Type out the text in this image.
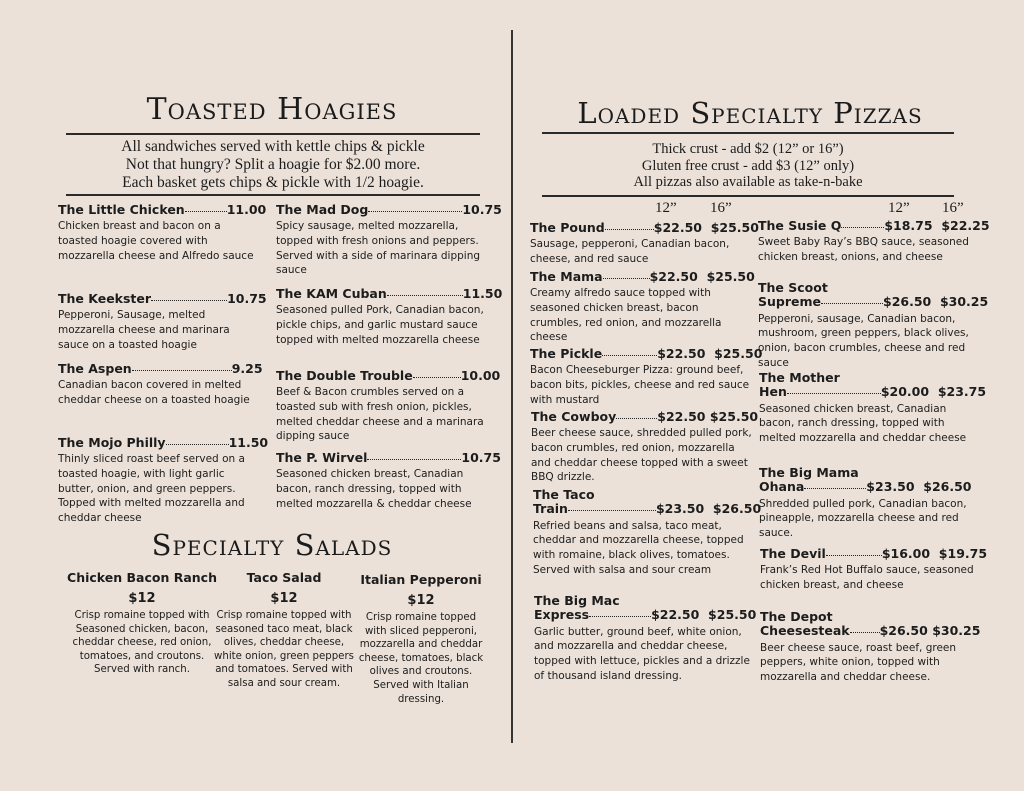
Toasted Hoagies
All sandwiches served with kettle chips & pickle
Not that hungry? Split a hoagie for $2.00 more.
Each basket gets chips & pickle with 1/2 hoagie.
The Little Chicken	11.00
Chicken breast and bacon on a toasted hoagie covered with mozzarella cheese and Alfredo sauce
The Keekster	10.75
Pepperoni, Sausage, melted mozzarella cheese and marinara sauce on a toasted hoagie
The Aspen	9.25
Canadian bacon covered in melted cheddar cheese on a toasted hoagie
The Mojo Philly	11.50
Thinly sliced roast beef served on a toasted hoagie, with light garlic butter, onion, and green peppers. Topped with melted mozzarella and cheddar cheese
The Mad Dog	10.75
Spicy sausage, melted mozzarella, topped with fresh onions and peppers. Served with a side of marinara dipping sauce
The KAM Cuban	11.50
Seasoned pulled Pork, Canadian bacon, pickle chips, and garlic mustard sauce topped with melted mozzarella cheese
The Double Trouble	10.00
Beef & Bacon crumbles served on a toasted sub with fresh onion, pickles, melted cheddar cheese and a marinara dipping sauce
The P. Wirvel	10.75
Seasoned chicken breast, Canadian bacon, ranch dressing, topped with melted mozzarella & cheddar cheese
Specialty Salads
Chicken Bacon Ranch
$12
Crisp romaine topped with Seasoned chicken, bacon, cheddar cheese, red onion, tomatoes, and croutons. Served with ranch.
Taco Salad
$12
Crisp romaine topped with seasoned taco meat, black olives, cheddar cheese, white onion, green peppers and tomatoes. Served with salsa and sour cream.
Italian Pepperoni
$12
Crisp romaine topped with sliced pepperoni, mozzarella and cheddar cheese, tomatoes, black olives and croutons. Served with Italian dressing.
Loaded Specialty Pizzas
Thick crust - add $2 (12” or 16”)
Gluten free crust - add $3 (12” only)
All pizzas also available as take-n-bake
12” 16”	12” 16”
The Pound	$22.50 $25.50
Sausage, pepperoni, Canadian bacon, cheese, and red sauce
The Mama	$22.50 $25.50
Creamy alfredo sauce topped with seasoned chicken breast, bacon crumbles, red onion, and mozzarella cheese
The Pickle	$22.50 $25.50
Bacon Cheeseburger Pizza: ground beef, bacon bits, pickles, cheese and red sauce with mustard
The Cowboy	$22.50 $25.50
Beer cheese sauce, shredded pulled pork, bacon crumbles, red onion, mozzarella and cheddar cheese topped with a sweet BBQ drizzle.
The Taco
Train	$23.50 $26.50
Refried beans and salsa, taco meat, cheddar and mozzarella cheese, topped with romaine, black olives, tomatoes. Served with salsa and sour cream
The Big Mac
Express	$22.50 $25.50
Garlic butter, ground beef, white onion, and mozzarella and cheddar cheese, topped with lettuce, pickles and a drizzle of thousand island dressing.
The Susie Q	$18.75 $22.25
Sweet Baby Ray’s BBQ sauce, seasoned chicken breast, onions, and cheese
The Scoot
Supreme	$26.50 $30.25
Pepperoni, sausage, Canadian bacon, mushroom, green peppers, black olives, onion, bacon crumbles, cheese and red sauce
The Mother
Hen	$20.00 $23.75
Seasoned chicken breast, Canadian bacon, ranch dressing, topped with melted mozzarella and cheddar cheese
The Big Mama
Ohana	$23.50 $26.50
Shredded pulled pork, Canadian bacon, pineapple, mozzarella cheese and red sauce.
The Devil	$16.00 $19.75
Frank’s Red Hot Buffalo sauce, seasoned chicken breast, and cheese
The Depot
Cheesesteak $26.50 $30.25
Beer cheese sauce, roast beef, green peppers, white onion, topped with mozzarella and cheddar cheese.
